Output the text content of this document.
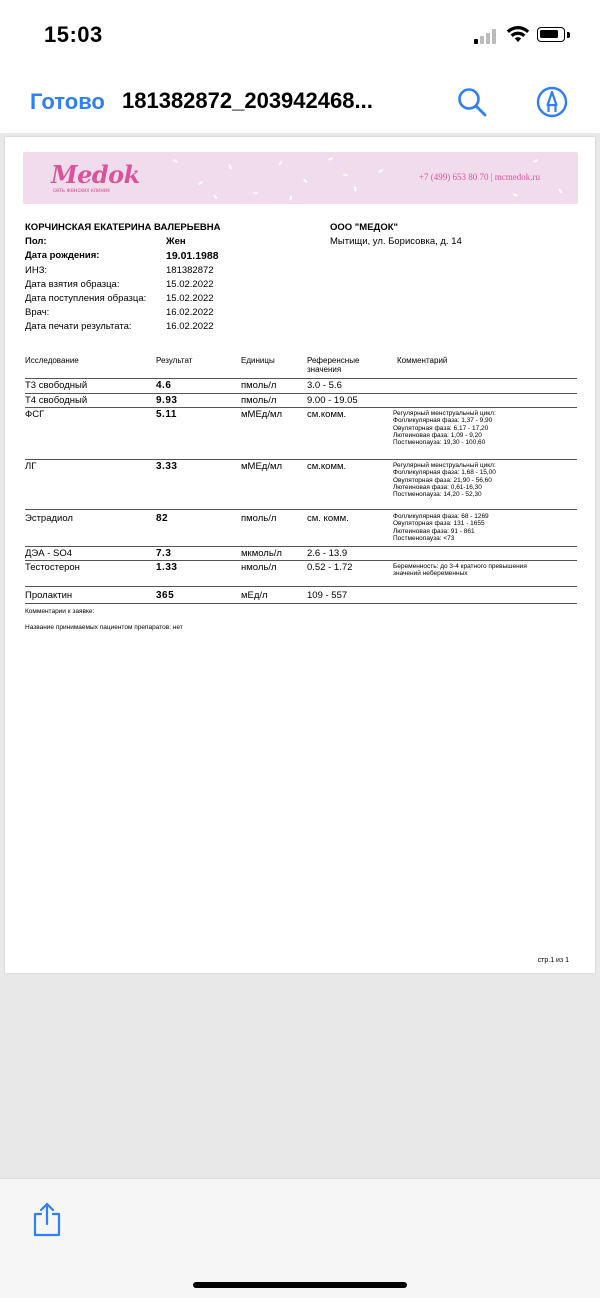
15:03
Готово 181382872_203942468...
Medok
сеть женских клиник
+7 (499) 653 80 70 | mcmedok.ru
КОРЧИНСКАЯ ЕКАТЕРИНА ВАЛЕРЬЕВНА
Пол:	Жен
Дата рождения:	19.01.1988
ИНЗ:	181382872
Дата взятия образца:	15.02.2022
Дата поступления образца: 15.02.2022
Врач:	16.02.2022
Дата печати результата:	16.02.2022
ООО "МЕДОК"
Мытищи, ул. Борисовка, д. 14
Исследование	Результат	Единицы	Референсные
значения
Комментарий
Т3 свободный	4.6	пмоль/л	3.0 - 5.6
Т4 свободный	9.93	пмоль/л	9.00 - 19.05
ФСГ	5.11	мМЕд/мл	см.комм.	Регулярный менструальный цикл:
Фолликулярная фаза: 1,37 - 9,90
Овуляторная фаза: 6,17 - 17,20
Лютеиновая фаза: 1,09 - 9,20
Постменопауза: 19,30 - 100,60
ЛГ	3.33	мМЕд/мл	см.комм.	Регулярный менструальный цикл:
Фолликулярная фаза: 1,68 - 15,00
Овуляторная фаза: 21,90 - 56,60
Лютеиновая фаза: 0,61-16,30
Постменопауза: 14,20 - 52,30
Эстрадиол	82	пмоль/л	см. комм.	Фолликулярная фаза: 68 - 1269
Овуляторная фаза: 131 - 1655
Лютеиновая фаза: 91 - 861
Постменопауза: <73
ДЭА - SO4	7.3	мкмоль/л	2.6 - 13.9
Тестостерон	1.33	нмоль/л	0.52 - 1.72	Беременность: до 3-4 кратного превышения
значений небеременных
Пролактин	365	мЕд/л	109 - 557
Комментарии к заявке:
Название принимаемых пациентом препаратов: нет
стр.1 из 1
